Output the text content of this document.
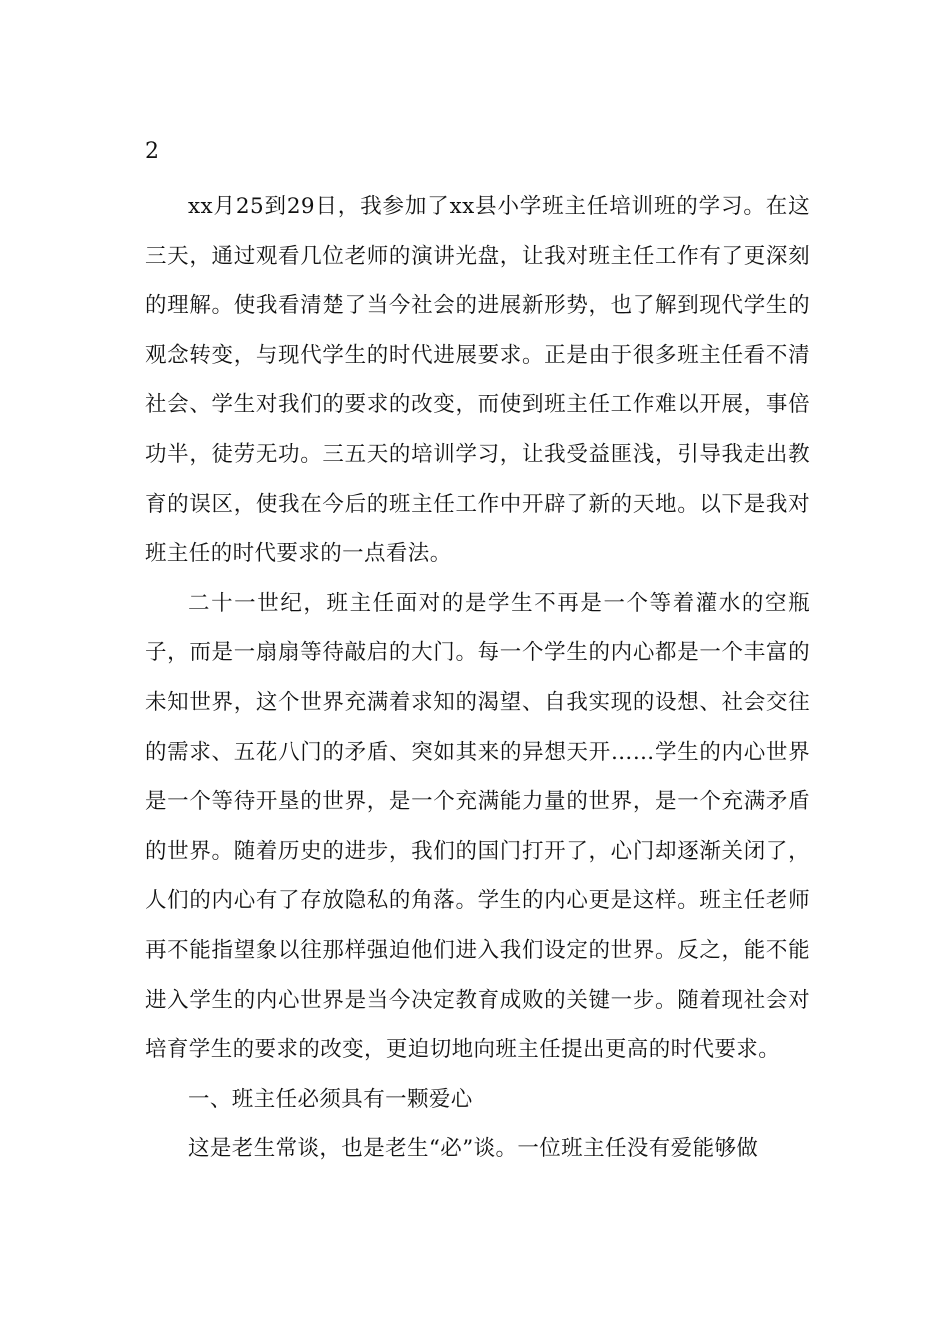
2

xx月25到29日，我参加了xx县小学班主任培训班的学习。在这三天，通过观看几位老师的演讲光盘，让我对班主任工作有了更深刻的理解。使我看清楚了当今社会的进展新形势，也了解到现代学生的观念转变，与现代学生的时代进展要求。正是由于很多班主任看不清社会、学生对我们的要求的改变，而使到班主任工作难以开展，事倍功半，徒劳无功。三五天的培训学习，让我受益匪浅，引导我走出教育的误区，使我在今后的班主任工作中开辟了新的天地。以下是我对班主任的时代要求的一点看法。

二十一世纪，班主任面对的是学生不再是一个等着灌水的空瓶子，而是一扇扇等待敲启的大门。每一个学生的内心都是一个丰富的未知世界，这个世界充满着求知的渴望、自我实现的设想、社会交往的需求、五花八门的矛盾、突如其来的异想天开……学生的内心世界是一个等待开垦的世界，是一个充满能力量的世界，是一个充满矛盾的世界。随着历史的进步，我们的国门打开了，心门却逐渐关闭了，人们的内心有了存放隐私的角落。学生的内心更是这样。班主任老师再不能指望象以往那样强迫他们进入我们设定的世界。反之，能不能进入学生的内心世界是当今决定教育成败的关键一步。随着现社会对培育学生的要求的改变，更迫切地向班主任提出更高的时代要求。

一、班主任必须具有一颗爱心

这是老生常谈，也是老生“必”谈。一位班主任没有爱能够做
